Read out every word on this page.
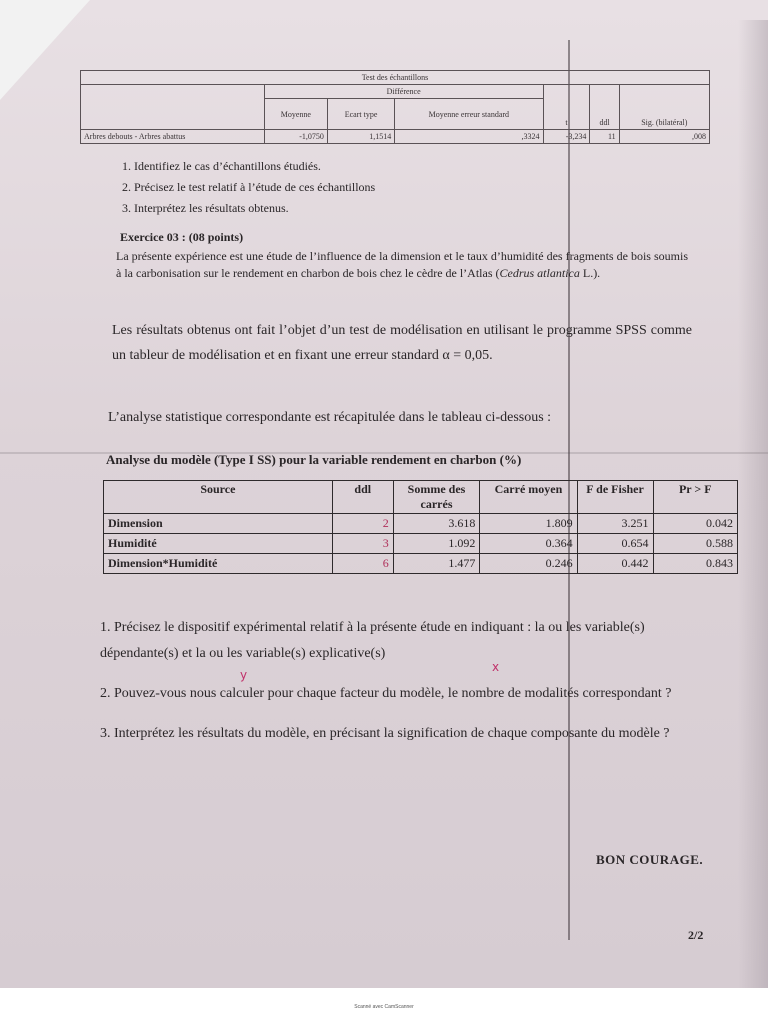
Test des échantillons						
	Différence			t	ddl	Sig. (bilatéral)
	Moyenne	Ecart type	Moyenne erreur standard			
Arbres debouts - Arbres abattus	-1,0750	1,1514	,3324	-3,234	11	,008
1. Identifiez le cas d’échantillons étudiés.
2. Précisez le test relatif à l’étude de ces échantillons
3. Interprétez les résultats obtenus.
Exercice 03 : (08 points)
La présente expérience est une étude de l’influence de la dimension et le taux d’humidité des fragments de bois soumis à la carbonisation sur le rendement en charbon de bois chez le cèdre de l’Atlas (Cedrus atlantica L.).
Les résultats obtenus ont fait l’objet d’un test de modélisation en utilisant le programme SPSS comme un tableur de modélisation et en fixant une erreur standard α = 0,05.
L’analyse statistique correspondante est récapitulée dans le tableau ci-dessous :
Analyse du modèle (Type I SS) pour la variable rendement en charbon (%)
Source	ddl	Somme des carrés	Carré moyen	F de Fisher	Pr > F
Dimension	2	3.618	1.809	3.251	0.042
Humidité	3	1.092	0.364	0.654	0.588
Dimension*Humidité	6	1.477	0.246	0.442	0.843

1. Précisez le dispositif expérimental relatif à la présente étude en indiquant : la ou les variable(s) dépendante(s) et la ou les variable(s) explicative(s)

2. Pouvez-vous nous calculer pour chaque facteur du modèle, le nombre de modalités correspondant ?

3. Interprétez les résultats du modèle, en précisant la signification de chaque composante du modèle ?

y
x
BON COURAGE.
2/2
Scanné avec CamScanner
